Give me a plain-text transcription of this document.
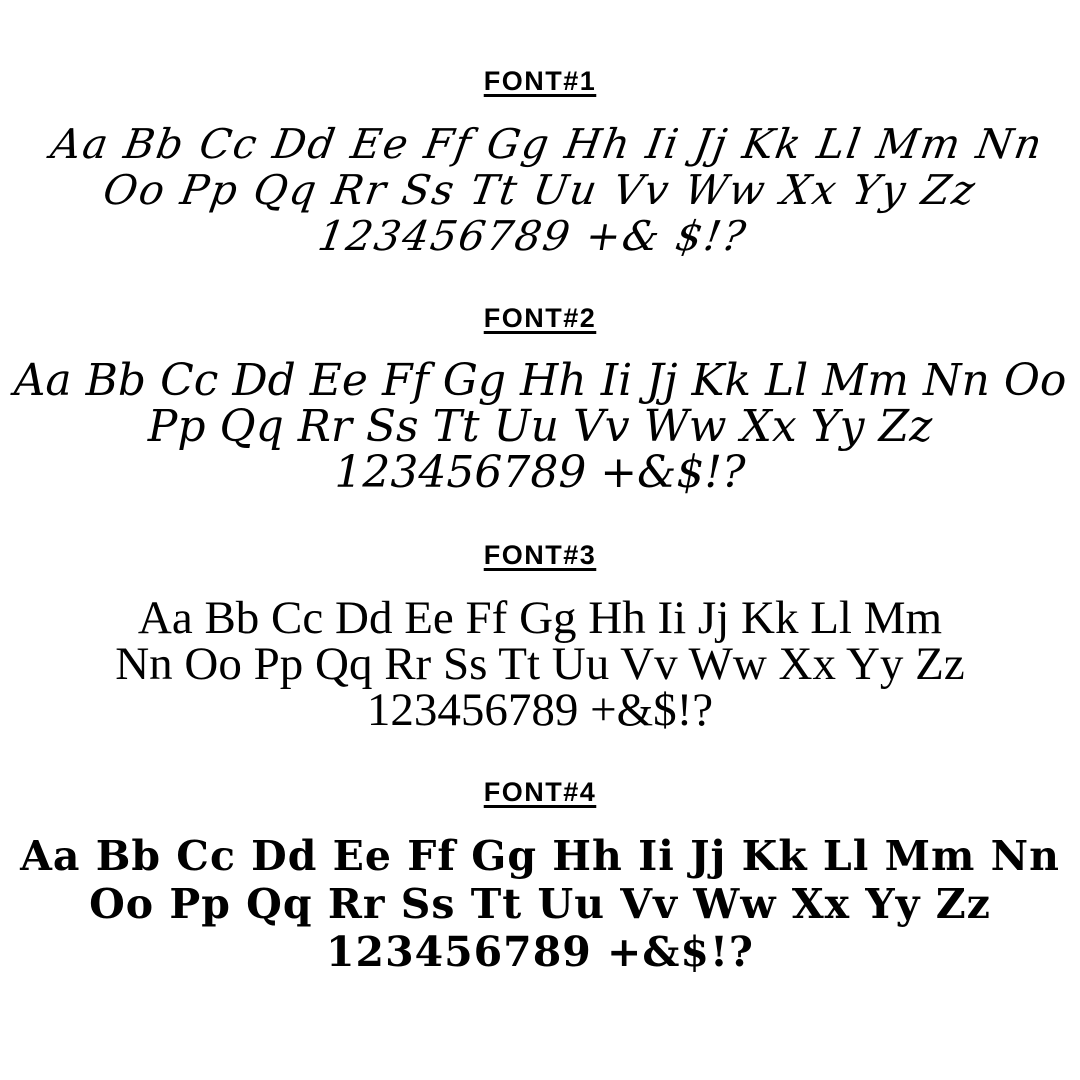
FONT#1
Aa Bb Cc Dd Ee Ff Gg Hh Ii Jj Kk Ll Mm Nn
Oo Pp Qq Rr Ss Tt Uu Vv Ww Xx Yy Zz
123456789 +& $!?
FONT#2
Aa Bb Cc Dd Ee Ff Gg Hh Ii Jj Kk Ll Mm Nn Oo
Pp Qq Rr Ss Tt Uu Vv Ww Xx Yy Zz
123456789 +&$!?
FONT#3
Aa Bb Cc Dd Ee Ff Gg Hh Ii Jj Kk Ll Mm
Nn Oo Pp Qq Rr Ss Tt Uu Vv Ww Xx Yy Zz
123456789 +&$!?
FONT#4
Aa Bb Cc Dd Ee Ff Gg Hh Ii Jj Kk Ll Mm Nn
Oo Pp Qq Rr Ss Tt Uu Vv Ww Xx Yy Zz
123456789 +&$!?
